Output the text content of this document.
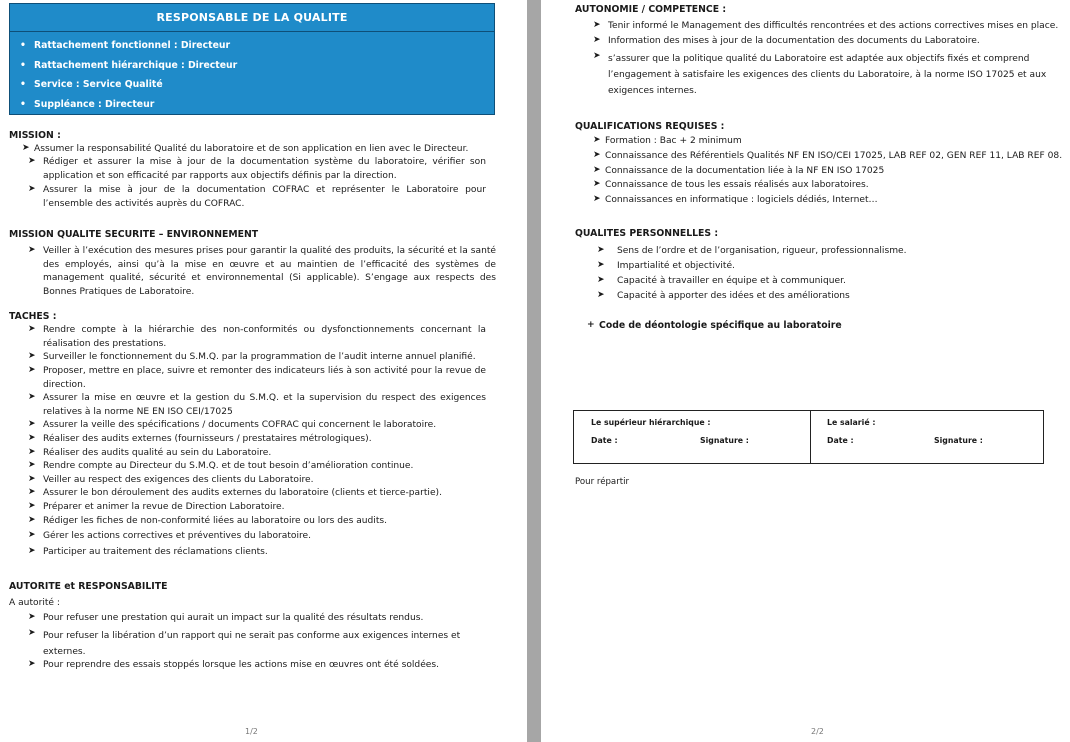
RESPONSABLE DE LA QUALITE
• Rattachement fonctionnel : Directeur
• Rattachement hiérarchique : Directeur
• Service : Service Qualité
• Suppléance : Directeur
MISSION :
➤ Assumer la responsabilité Qualité du laboratoire et de son application en lien avec le Directeur.
➤ Rédiger et assurer la mise à jour de la documentation système du laboratoire, vérifier son application et son efficacité par rapports aux objectifs définis par la direction.
➤ Assurer la mise à jour de la documentation COFRAC et représenter le Laboratoire pour l’ensemble des activités auprès du COFRAC.
MISSION QUALITE SECURITE – ENVIRONNEMENT
➤ Veiller à l’exécution des mesures prises pour garantir la qualité des produits, la sécurité et la santé des employés, ainsi qu’à la mise en œuvre et au maintien de l’efficacité des systèmes de management qualité, sécurité et environnemental (Si applicable). S’engage aux respects des Bonnes Pratiques de Laboratoire.
TACHES :
➤ Rendre compte à la hiérarchie des non-conformités ou dysfonctionnements concernant la réalisation des prestations.
➤ Surveiller le fonctionnement du S.M.Q. par la programmation de l’audit interne annuel planifié.
➤ Proposer, mettre en place, suivre et remonter des indicateurs liés à son activité pour la revue de direction.
➤ Assurer la mise en œuvre et la gestion du S.M.Q. et la supervision du respect des exigences relatives à la norme NE EN ISO CEI/17025
➤ Assurer la veille des spécifications / documents COFRAC qui concernent le laboratoire.
➤ Réaliser des audits externes (fournisseurs / prestataires métrologiques).
➤ Réaliser des audits qualité au sein du Laboratoire.
➤ Rendre compte au Directeur du S.M.Q. et de tout besoin d’amélioration continue.
➤ Veiller au respect des exigences des clients du Laboratoire.
➤ Assurer le bon déroulement des audits externes du laboratoire (clients et tierce-partie).
➤ Préparer et animer la revue de Direction Laboratoire.
➤ Rédiger les fiches de non-conformité liées au laboratoire ou lors des audits.
➤ Gérer les actions correctives et préventives du laboratoire.
➤ Participer au traitement des réclamations clients.
AUTORITE et RESPONSABILITE
A autorité :
➤ Pour refuser une prestation qui aurait un impact sur la qualité des résultats rendus.
➤ Pour refuser la libération d’un rapport qui ne serait pas conforme aux exigences internes et externes.
➤ Pour reprendre des essais stoppés lorsque les actions mise en œuvres ont été soldées.
1/2
AUTONOMIE / COMPETENCE :
➤ Tenir informé le Management des difficultés rencontrées et des actions correctives mises en place.
➤ Information des mises à jour de la documentation des documents du Laboratoire.
➤ s’assurer que la politique qualité du Laboratoire est adaptée aux objectifs fixés et comprend l’engagement à satisfaire les exigences des clients du Laboratoire, à la norme ISO 17025 et aux exigences internes.
QUALIFICATIONS REQUISES :
➤ Formation : Bac + 2 minimum
➤ Connaissance des Référentiels Qualités NF EN ISO/CEI 17025, LAB REF 02, GEN REF 11, LAB REF 08.
➤ Connaissance de la documentation liée à la NF EN ISO 17025
➤ Connaissance de tous les essais réalisés aux laboratoires.
➤ Connaissances en informatique : logiciels dédiés, Internet…
QUALITES PERSONNELLES :
➤ Sens de l’ordre et de l’organisation, rigueur, professionnalisme.
➤ Impartialité et objectivité.
➤ Capacité à travailler en équipe et à communiquer.
➤ Capacité à apporter des idées et des améliorations
+ Code de déontologie spécifique au laboratoire
Le supérieur hiérarchique :
Date :	Signature :
Le salarié :
Date :	Signature :
Pour répartir
2/2
